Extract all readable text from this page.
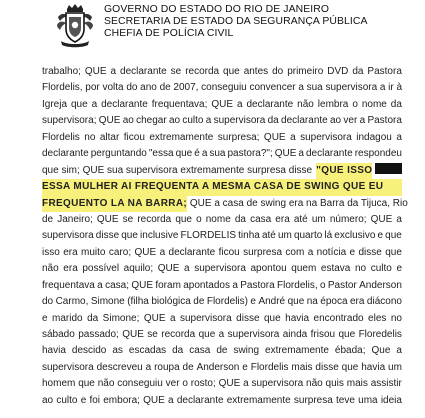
GOVERNO DO ESTADO DO RIO DE JANEIRO
SECRETARIA DE ESTADO DA SEGURANÇA PÚBLICA
CHEFIA DE POLÍCIA CIVIL
trabalho; QUE a declarante se recorda que antes do primeiro DVD da Pastora
Flordelis, por volta do ano de 2007, conseguiu convencer a sua supervisora a ir à
Igreja que a declarante frequentava; QUE a declarante não lembra o nome da
supervisora; QUE ao chegar ao culto a supervisora da declarante ao ver a Pastora
Flordelis no altar ficou extremamente surpresa; QUE a supervisora indagou a
declarante perguntando "essa que é a sua pastora?"; QUE a declarante respondeu
que sim; QUE sua supervisora extremamente surpresa disse "QUE ISSO
ESSA MULHER AI FREQUENTA A MESMA CASA DE SWING QUE EU
FREQUENTO LA NA BARRA; QUE a casa de swing era na Barra da Tijuca, Rio
de Janeiro; QUE se recorda que o nome da casa era até um número; QUE a
supervisora disse que inclusive FLORDELIS tinha até um quarto lá exclusivo e que
isso era muito caro; QUE a declarante ficou surpresa com a notícia e disse que
não era possível aquilo; QUE a supervisora apontou quem estava no culto e
frequentava a casa; QUE foram apontados a Pastora Flordelis, o Pastor Anderson
do Carmo, Simone (filha biológica de Flordelis) e André que na época era diácono
e marido da Simone; QUE a supervisora disse que havia encontrado eles no
sábado passado; QUE se recorda que a supervisora ainda frisou que Floredelis
havia descido as escadas da casa de swing extremamente ébada; Que a
supervisora descreveu a roupa de Anderson e Flordelis mais disse que havia um
homem que não conseguiu ver o rosto; QUE a supervisora não quis mais assistir
ao culto e foi embora; QUE a declarante extremamente surpresa teve uma ideia
